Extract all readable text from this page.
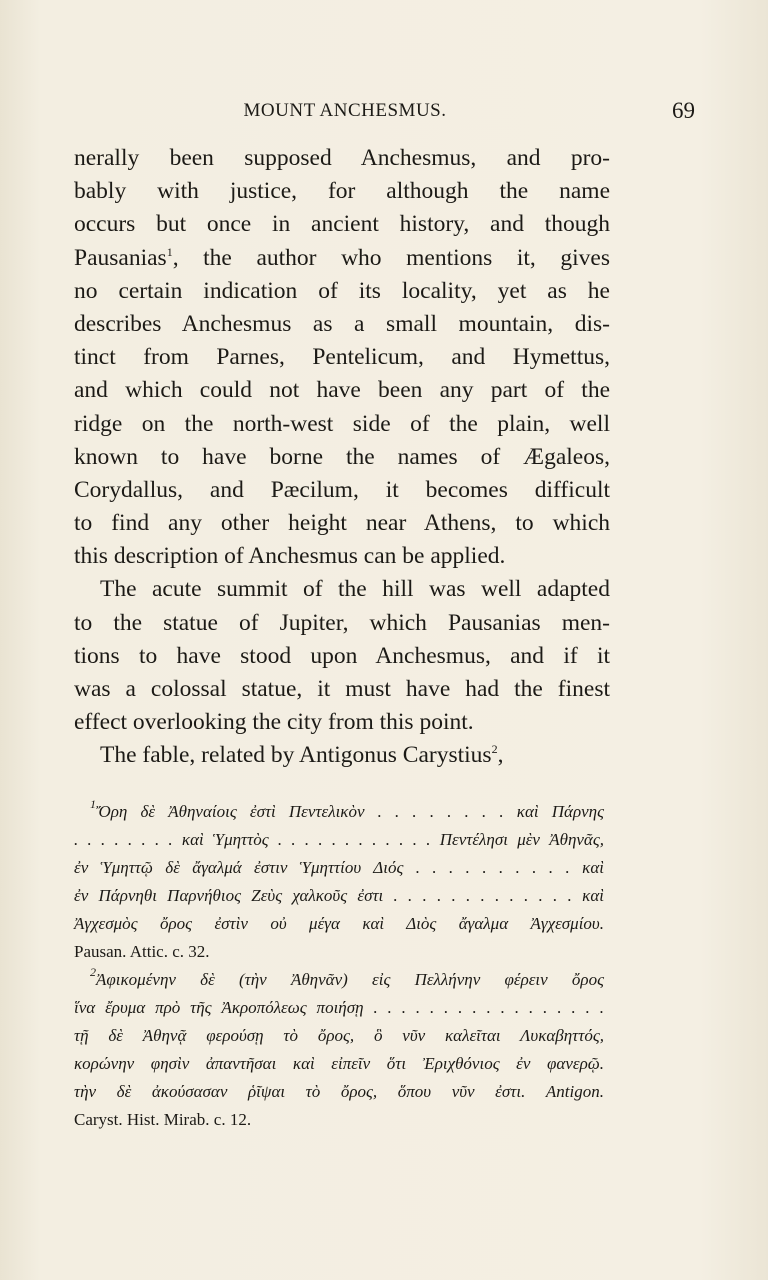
MOUNT ANCHESMUS.	69
nerally been supposed Anchesmus, and pro-
bably with justice, for although the name
occurs but once in ancient history, and though
Pausanias$^1$, the author who mentions it, gives
no certain indication of its locality, yet as he
describes Anchesmus as a small mountain, dis-
tinct from Parnes, Pentelicum, and Hymettus,
and which could not have been any part of the
ridge on the north-west side of the plain, well
known to have borne the names of Ægaleos,
Corydallus, and Pæcilum, it becomes difficult
to find any other height near Athens, to which
this description of Anchesmus can be applied.
The acute summit of the hill was well adapted
to the statue of Jupiter, which Pausanias men-
tions to have stood upon Anchesmus, and if it
was a colossal statue, it must have had the finest
effect overlooking the city from this point.
The fable, related by Antigonus Carystius$^2$,
$^1$Ὄρη δὲ Ἀθηναίοις ἐστὶ Πεντελικὸν . . . . . . . . καὶ Πάρνης
. . . . . . . . καὶ Ὑμηττὸς . . . . . . . . . . . . Πεντέλησι μὲν Ἀθηνᾶς,
ἐν Ὑμηττῷ δὲ ἄγαλμά ἐστιν Ὑμηττίου Διός . . . . . . . . . . καὶ
ἐν Πάρνηθι Παρνήθιος Ζεὺς χαλκοῦς ἐστι . . . . . . . . . . . . . καὶ
Ἀγχεσμὸς ὄρος ἐστὶν οὐ μέγα καὶ Διὸς ἄγαλμα Ἀγχεσμίου.
Pausan. Attic. c. 32.
$^2$Ἀφικομένην δὲ (τὴν Ἀθηνᾶν) εἰς Πελλήνην φέρειν ὄρος
ἵνα ἔρυμα πρὸ τῆς Ἀκροπόλεως ποιήσῃ . . . . . . . . . . . . . . . . .
τῇ δὲ Ἀθηνᾷ φερούσῃ τὸ ὄρος, ὃ νῦν καλεῖται Λυκαβηττός,
κορώνην φησὶν ἀπαντῆσαι καὶ εἰπεῖν ὅτι Ἐριχθόνιος ἐν φανερῷ.
τὴν δὲ ἀκούσασαν ῥῖψαι τὸ ὄρος, ὅπου νῦν ἐστι. Antigon.
Caryst. Hist. Mirab. c. 12.
